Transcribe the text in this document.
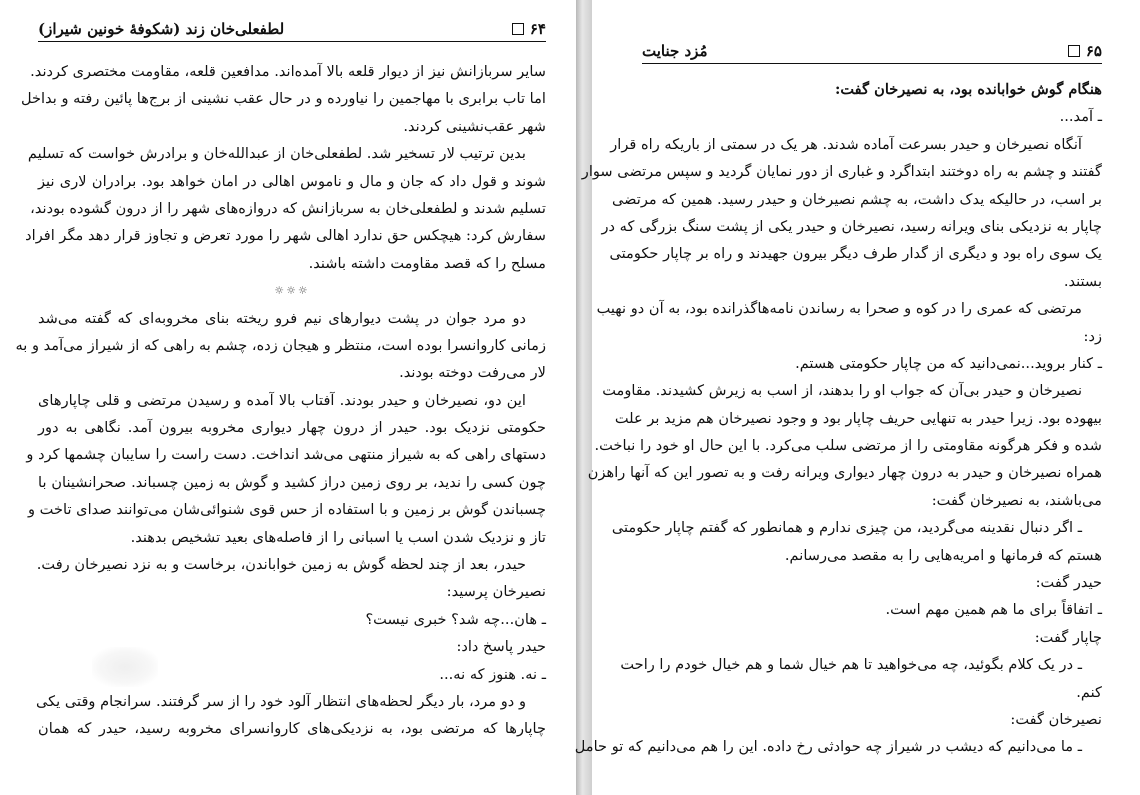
۶۴
لطفعلی‌خان زند (شکوفهٔ خونین شیراز)
سایر سربازانش نیز از دیوار قلعه بالا آمده‌اند. مدافعین قلعه، مقاومت مختصری کردند.
اما تاب برابری با مهاجمین را نیاورده و در حال عقب نشینی از برج‌ها پائین رفته و بداخل
شهر عقب‌نشینی کردند.
بدین ترتیب لار تسخیر شد. لطفعلی‌خان از عبدالله‌خان و برادرش خواست که تسلیم
شوند و قول داد که جان و مال و ناموس اهالی در امان خواهد بود. برادران لاری نیز
تسلیم شدند و لطفعلی‌خان به سربازانش که دروازه‌های شهر را از درون گشوده بودند،
سفارش کرد: هیچکس حق ندارد اهالی شهر را مورد تعرض و تجاوز قرار دهد مگر افراد
مسلح را که قصد مقاومت داشته باشند.
☼☼☼
دو مرد جوان در پشت دیوارهای نیم فرو ریخته بنای مخروبه‌ای که گفته می‌شد
زمانی کاروانسرا بوده است، منتظر و هیجان زده، چشم به راهی که از شیراز می‌آمد و به
لار می‌رفت دوخته بودند.
این دو، نصیرخان و حیدر بودند. آفتاب بالا آمده و رسیدن مرتضی و قلی چاپارهای
حکومتی نزدیک بود. حیدر از درون چهار دیواری مخروبه بیرون آمد. نگاهی به دور
دستهای راهی که به شیراز منتهی می‌شد انداخت. دست راست را سایبان چشمها کرد و
چون کسی را ندید، بر روی زمین دراز کشید و گوش به زمین چسباند. صحرانشینان با
چسباندن گوش بر زمین و با استفاده از حس قوی شنوائی‌شان می‌توانند صدای تاخت و
تاز و نزدیک شدن اسب یا اسبانی را از فاصله‌های بعید تشخیص بدهند.
حیدر، بعد از چند لحظه گوش به زمین خواباندن، برخاست و به نزد نصیرخان رفت.
نصیرخان پرسید:
ـ هان...چه شد؟ خبری نیست؟
حیدر پاسخ داد:
ـ نه. هنوز که نه...
و دو مرد، بار دیگر لحظه‌های انتظار آلود خود را از سر گرفتند. سرانجام وقتی یکی
چاپارها که مرتضی بود، به نزدیکی‌های کاروانسرای مخروبه رسید، حیدر که همان
۶۵
مُزد جنایت
هنگام گوش خوابانده بود، به نصیرخان گفت:
ـ آمد...
آنگاه نصیرخان و حیدر بسرعت آماده شدند. هر یک در سمتی از باریکه راه قرار
گفتند و چشم به راه دوختند ابتداگرد و غباری از دور نمایان گردید و سپس مرتضی سوار
بر اسب، در حالیکه یدک داشت، به چشم نصیرخان و حیدر رسید. همین که مرتضی
چاپار به نزدیکی بنای ویرانه رسید، نصیرخان و حیدر یکی از پشت سنگ بزرگی که در
یک سوی راه بود و دیگری از گدار طرف دیگر بیرون جهیدند و راه بر چاپار حکومتی
بستند.
مرتضی که عمری را در کوه و صحرا به رساندن نامه‌هاگذرانده بود، به آن دو نهیب
زد:
ـ کنار بروید...نمی‌دانید که من چاپار حکومتی هستم.
نصیرخان و حیدر بی‌آن که جواب او را بدهند، از اسب به زیرش کشیدند. مقاومت
بیهوده بود. زیرا حیدر به تنهایی حریف چاپار بود و وجود نصیرخان هم مزید بر علت
شده و فکر هرگونه مقاومتی را از مرتضی سلب می‌کرد. با این حال او خود را نباخت.
همراه نصیرخان و حیدر به درون چهار دیواری ویرانه رفت و به تصور این که آنها راهزن
می‌باشند، به نصیرخان گفت:
ـ اگر دنبال نقدینه می‌گردید، من چیزی ندارم و همانطور که گفتم چاپار حکومتی
هستم که فرمانها و امریه‌هایی را به مقصد می‌رسانم.
حیدر گفت:
ـ اتفاقاً برای ما هم همین مهم است.
چاپار گفت:
ـ در یک کلام بگوئید، چه می‌خواهید تا هم خیال شما و هم خیال خودم را راحت
کنم.
نصیرخان گفت:
ـ ما می‌دانیم که دیشب در شیراز چه حوادثی رخ داده. این را هم می‌دانیم که تو حامل
